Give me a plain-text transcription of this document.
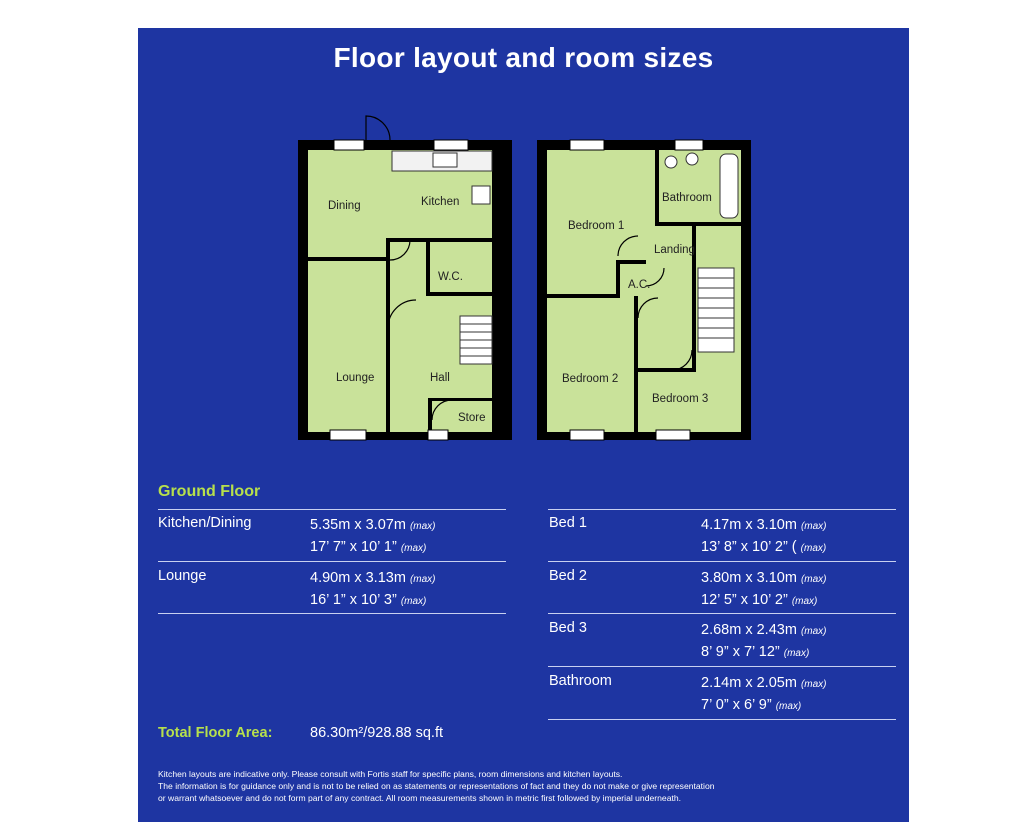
Floor layout and room sizes
Dining	Kitchen
W.C.
Lounge	Hall
Store
Bedroom 1
Bathroom
Landing
A.C.
Bedroom 2
Bedroom 3
Ground Floor
Kitchen/Dining	5.35m x 3.07m (max)
17’ 7” x 10’ 1” (max)
Lounge	4.90m x 3.13m (max)
16’ 1” x 10’ 3” (max)
Bed 1	4.17m x 3.10m (max)
13’ 8” x 10’ 2” ( (max)
Bed 2	3.80m x 3.10m (max)
12’ 5” x 10’ 2” (max)
Bed 3	2.68m x 2.43m (max)
8’ 9” x 7’ 12” (max)
Bathroom	2.14m x 2.05m (max)
7’ 0” x 6’ 9” (max)
Total Floor Area:	86.30m²/928.88 sq.ft
Kitchen layouts are indicative only. Please consult with Fortis staff for specific plans, room dimensions and kitchen layouts.
The information is for guidance only and is not to be relied on as statements or representations of fact and they do not make or give representation
or warrant whatsoever and do not form part of any contract. All room measurements shown in metric first followed by imperial underneath.
